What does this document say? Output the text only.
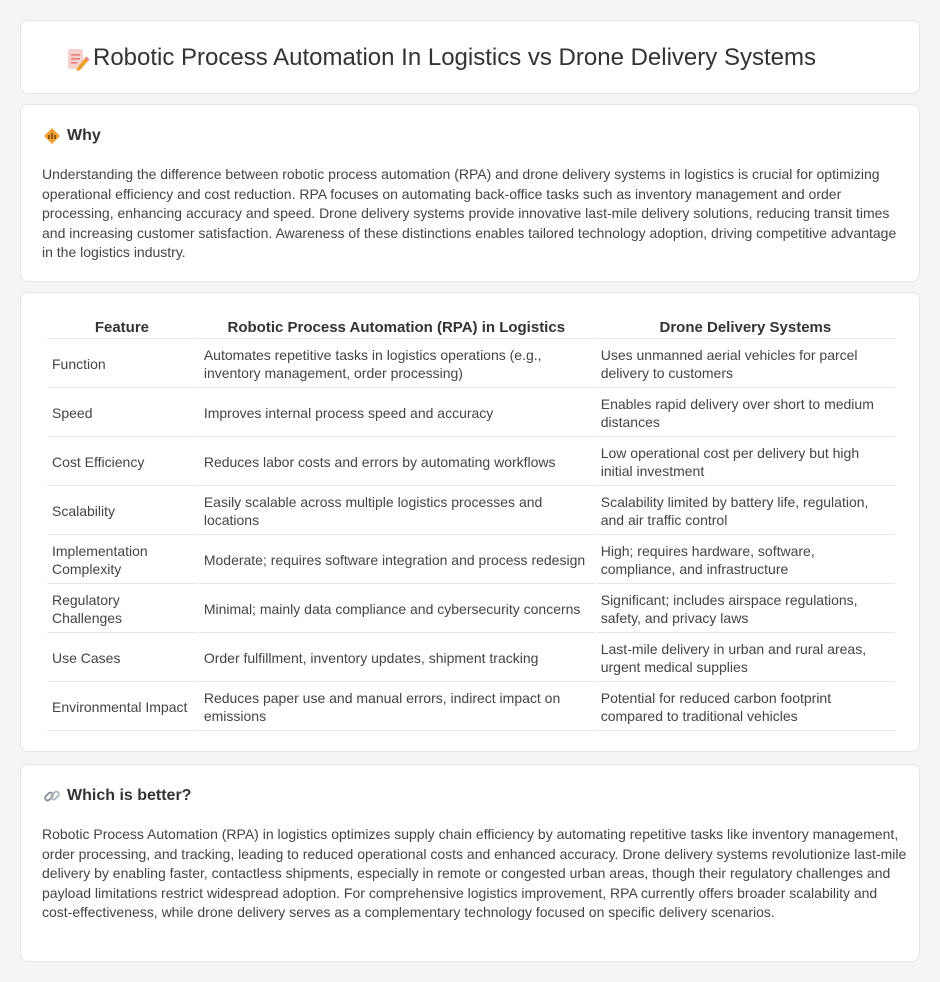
Robotic Process Automation In Logistics vs Drone Delivery Systems
Why

Understanding the difference between robotic process automation (RPA) and drone delivery systems in logistics is crucial for optimizing operational efficiency and cost reduction. RPA focuses on automating back-office tasks such as inventory management and order processing, enhancing accuracy and speed. Drone delivery systems provide innovative last-mile delivery solutions, reducing transit times and increasing customer satisfaction. Awareness of these distinctions enables tailored technology adoption, driving competitive advantage in the logistics industry.

Feature	Robotic Process Automation (RPA) in Logistics	Drone Delivery Systems
Function	Automates repetitive tasks in logistics operations (e.g., inventory management, order processing)	Uses unmanned aerial vehicles for parcel delivery to customers
Speed	Improves internal process speed and accuracy	Enables rapid delivery over short to medium distances
Cost Efficiency	Reduces labor costs and errors by automating workflows	Low operational cost per delivery but high initial investment
Scalability	Easily scalable across multiple logistics processes and locations	Scalability limited by battery life, regulation, and air traffic control
Implementation Complexity	Moderate; requires software integration and process redesign	High; requires hardware, software, compliance, and infrastructure
Regulatory Challenges	Minimal; mainly data compliance and cybersecurity concerns	Significant; includes airspace regulations, safety, and privacy laws
Use Cases	Order fulfillment, inventory updates, shipment tracking	Last-mile delivery in urban and rural areas, urgent medical supplies
Environmental Impact	Reduces paper use and manual errors, indirect impact on emissions	Potential for reduced carbon footprint compared to traditional vehicles
Which is better?

Robotic Process Automation (RPA) in logistics optimizes supply chain efficiency by automating repetitive tasks like inventory management, order processing, and tracking, leading to reduced operational costs and enhanced accuracy. Drone delivery systems revolutionize last-mile delivery by enabling faster, contactless shipments, especially in remote or congested urban areas, though their regulatory challenges and payload limitations restrict widespread adoption. For comprehensive logistics improvement, RPA currently offers broader scalability and cost-effectiveness, while drone delivery serves as a complementary technology focused on specific delivery scenarios.
